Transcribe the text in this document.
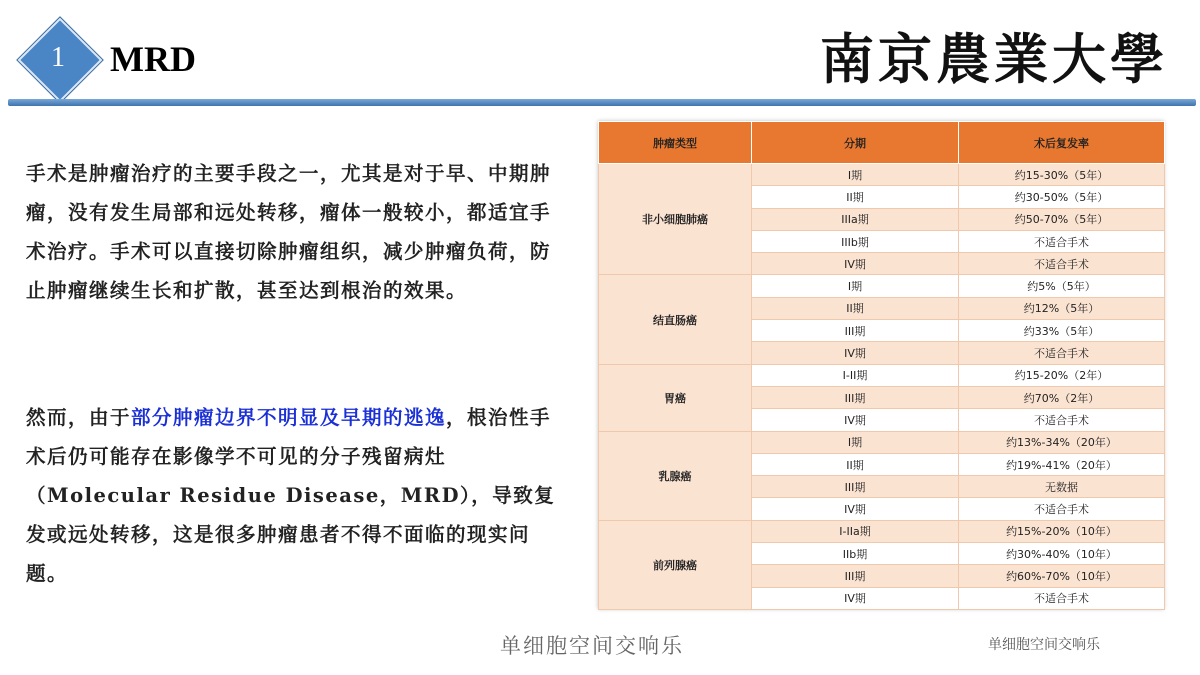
1	MRD	南京農業大學
手术是肿瘤治疗的主要手段之一，尤其是对于早、中期肿瘤，没有发生局部和远处转移，瘤体一般较小，都适宜手术治疗。手术可以直接切除肿瘤组织，减少肿瘤负荷，防止肿瘤继续生长和扩散，甚至达到根治的效果。
然而，由于部分肿瘤边界不明显及早期的逃逸，根治性手术后仍可能存在影像学不可见的分子残留病灶（Molecular Residue Disease，MRD），导致复发或远处转移，这是很多肿瘤患者不得不面临的现实问题。
肿瘤类型	分期	术后复发率
非小细胞肺癌	I期	约15-30%（5年）
	II期	约30-50%（5年）
	IIIa期	约50-70%（5年）
	IIIb期	不适合手术
	IV期	不适合手术
结直肠癌	I期	约5%（5年）
	II期	约12%（5年）
	III期	约33%（5年）
	IV期	不适合手术
胃癌	I-II期	约15-20%（2年）
	III期	约70%（2年）
	IV期	不适合手术
乳腺癌	I期	约13%-34%（20年）
	II期	约19%-41%（20年）
	III期	无数据
	IV期	不适合手术
前列腺癌	I-IIa期	约15%-20%（10年）
	IIb期	约30%-40%（10年）
	III期	约60%-70%（10年）
	IV期	不适合手术
单细胞空间交响乐	单细胞空间交响乐
